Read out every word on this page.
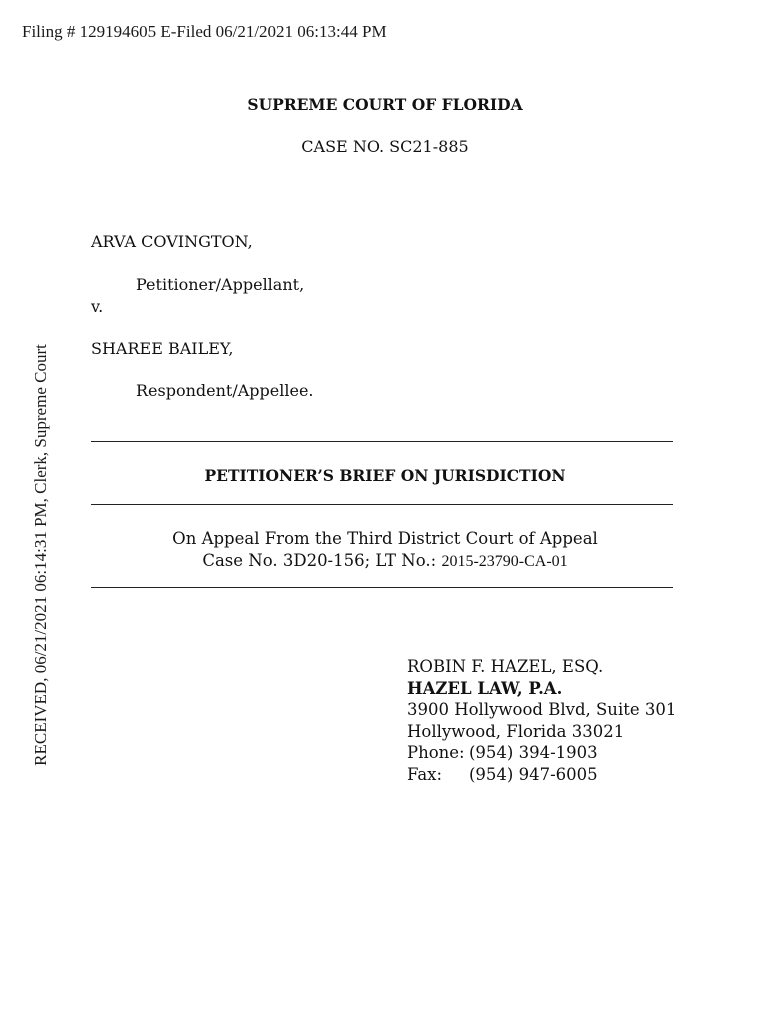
Filing # 129194605 E-Filed 06/21/2021 06:13:44 PM
RECEIVED, 06/21/2021 06:14:31 PM, Clerk, Supreme Court
SUPREME COURT OF FLORIDA
CASE NO. SC21-885
ARVA COVINGTON,
Petitioner/Appellant,
v.
SHAREE BAILEY,
Respondent/Appellee.
PETITIONER’S BRIEF ON JURISDICTION
On Appeal From the Third District Court of Appeal
Case No. 3D20-156; LT No.: 2015-23790-CA-01
ROBIN F. HAZEL, ESQ.
HAZEL LAW, P.A.
3900 Hollywood Blvd, Suite 301
Hollywood, Florida 33021
Phone: (954) 394-1903
Fax: (954) 947-6005
